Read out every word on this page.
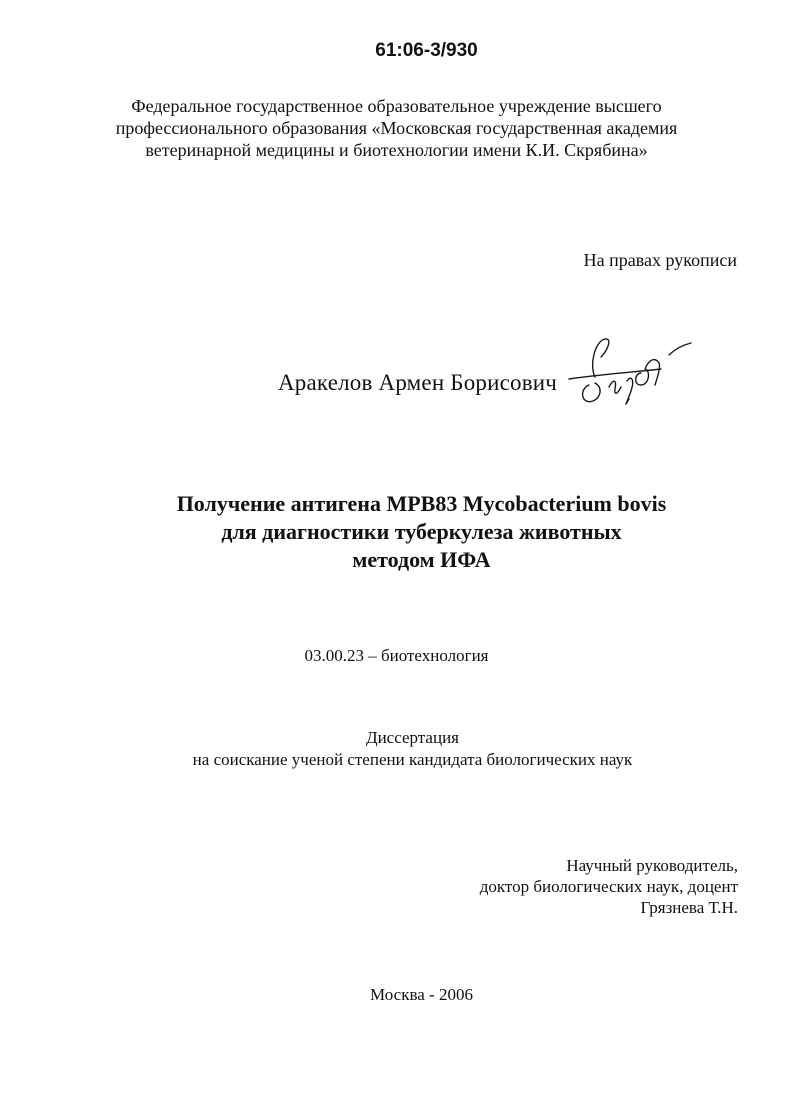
61:06-3/930
Федеральное государственное образовательное учреждение высшего
профессионального образования «Московская государственная академия
ветеринарной медицины и биотехнологии имени К.И. Скрябина»
На правах рукописи
Аракелов Армен Борисович
Получение антигена MPB83 Mycobacterium bovis
для диагностики туберкулеза животных
методом ИФА
03.00.23 – биотехнология
Диссертация
на соискание ученой степени кандидата биологических наук
Научный руководитель,
доктор биологических наук, доцент
Грязнева Т.Н.
Москва - 2006
